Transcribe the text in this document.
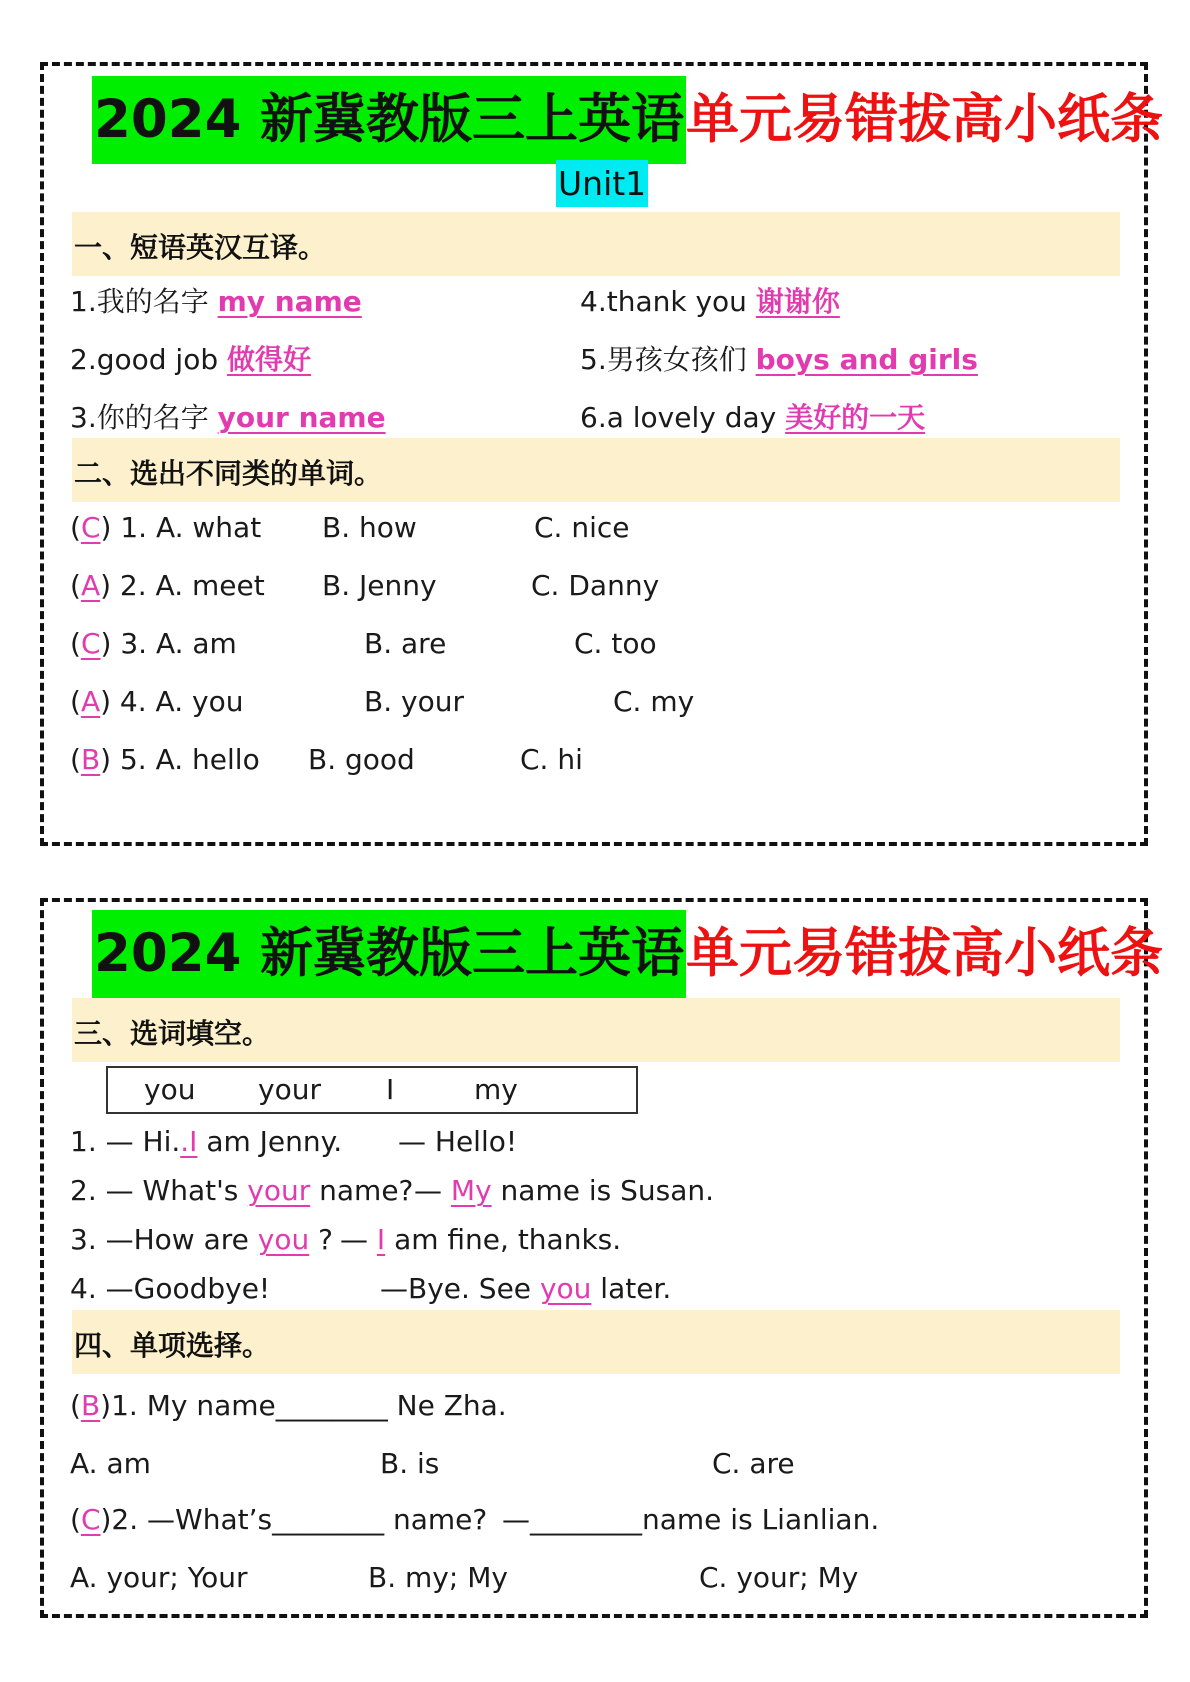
2024 新冀教版三上英语单元易错拔高小纸条
Unit1
一、短语英汉互译。
1.我的名字 my name
2.good job 做得好
3.你的名字 your name
4.thank you 谢谢你
5.男孩女孩们 boys and girls
6.a lovely day 美好的一天
二、选出不同类的单词。
(C) 1. A. what B. how	C. nice
(A) 2. A. meet B. Jenny	C. Danny
(C) 3. A. am	B. are	C. too
(A) 4. A. you	B. your	C. my
(B) 5. A. hello B. good	C. hi
2024 新冀教版三上英语单元易错拔高小纸条
三、选词填空。
you your I	my
1. — Hi..I am Jenny. — Hello!
2. — What's your name? — My name is Susan.
3. —How are you ? — I am fine, thanks.
4. —Goodbye!	—Bye. See you later.
四、单项选择。
(B)1. My name________ Ne Zha.
A. am	B. is	C. are
(C)2. —What’s________ name? —________name is Lianlian.
A. your; Your	B. my; My	C. your; My
